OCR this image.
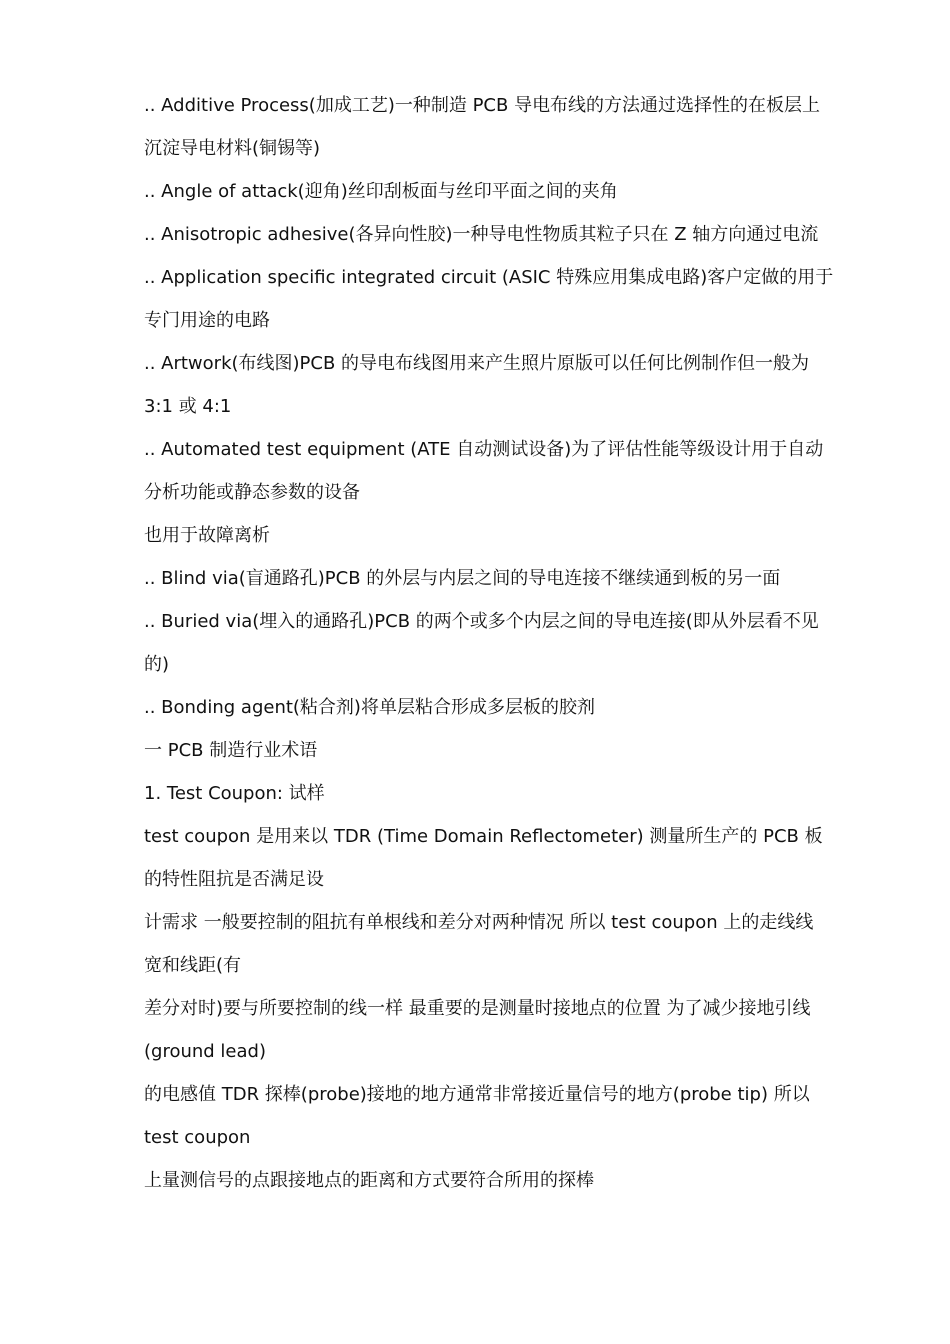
.. Additive Process(加成工艺)一种制造 PCB 导电布线的方法通过选择性的在板层上
沉淀导电材料(铜锡等)
.. Angle of attack(迎角)丝印刮板面与丝印平面之间的夹角
.. Anisotropic adhesive(各异向性胶)一种导电性物质其粒子只在 Z 轴方向通过电流
.. Application specific integrated circuit (ASIC 特殊应用集成电路)客户定做的用于
专门用途的电路
.. Artwork(布线图)PCB 的导电布线图用来产生照片原版可以任何比例制作但一般为
3:1 或 4:1
.. Automated test equipment (ATE 自动测试设备)为了评估性能等级设计用于自动
分析功能或静态参数的设备
也用于故障离析
.. Blind via(盲通路孔)PCB 的外层与内层之间的导电连接不继续通到板的另一面
.. Buried via(埋入的通路孔)PCB 的两个或多个内层之间的导电连接(即从外层看不见
的)
.. Bonding agent(粘合剂)将单层粘合形成多层板的胶剂
一 PCB 制造行业术语
1. Test Coupon: 试样
test coupon 是用来以 TDR (Time Domain Reflectometer) 测量所生产的 PCB 板
的特性阻抗是否满足设
计需求 一般要控制的阻抗有单根线和差分对两种情况 所以 test coupon 上的走线线
宽和线距(有
差分对时)要与所要控制的线一样 最重要的是测量时接地点的位置 为了减少接地引线
(ground lead)
的电感值 TDR 探棒(probe)接地的地方通常非常接近量信号的地方(probe tip) 所以
test coupon
上量测信号的点跟接地点的距离和方式要符合所用的探棒
